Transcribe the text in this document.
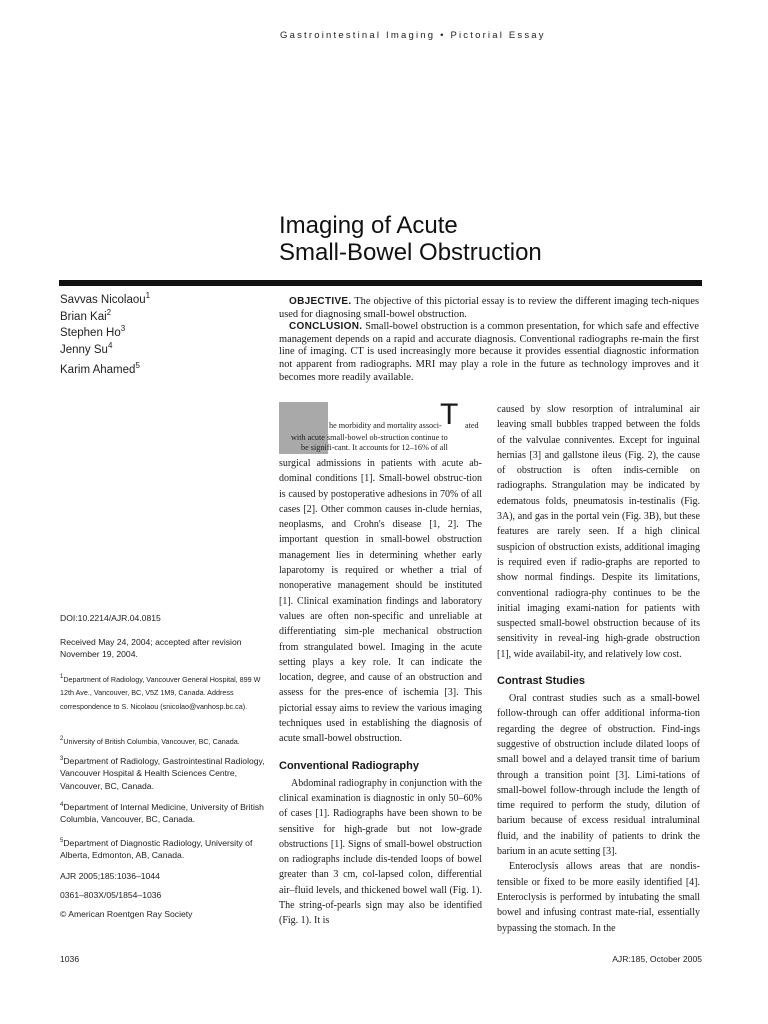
Gastrointestinal Imaging • Pictorial Essay
Imaging of Acute
Small-Bowel Obstruction
Savvas Nicolaou$^1$
Brian Kai$^2$
Stephen Ho$^3$
Jenny Su$^4$
Karim Ahamed$^5$
DOI:10.2214/AJR.04.0815
Received May 24, 2004; accepted after revision November 19, 2004.
$^1$Department of Radiology, Vancouver General Hospital, 899 W 12th Ave., Vancouver, BC, V5Z 1M9, Canada. Address correspondence to S. Nicolaou (snicolao@vanhosp.bc.ca).
$^2$University of British Columbia, Vancouver, BC, Canada.
$^3$Department of Radiology, Gastrointestinal Radiology, Vancouver Hospital & Health Sciences Centre, Vancouver, BC, Canada.
$^4$Department of Internal Medicine, University of British Columbia, Vancouver, BC, Canada.
$^5$Department of Diagnostic Radiology, University of Alberta, Edmonton, AB, Canada.
AJR 2005;185:1036–1044
0361–803X/05/1854–1036
© American Roentgen Ray Society

OBJECTIVE. The objective of this pictorial essay is to review the different imaging tech-niques used for diagnosing small-bowel obstruction.

CONCLUSION. Small-bowel obstruction is a common presentation, for which safe and effective management depends on a rapid and accurate diagnosis. Conventional radiographs re-main the first line of imaging. CT is used increasingly more because it provides essential diagnostic information not apparent from radiographs. MRI may play a role in the future as technology improves and it becomes more readily available.

he morbidity and mortality associ-
T ated
with acute small-bowel ob-struction continue to
be signifi-cant. It accounts for 12–16% of all

surgical admissions in patients with acute ab-dominal conditions [1]. Small-bowel obstruc-tion is caused by postoperative adhesions in 70% of all cases [2]. Other common causes in-clude hernias, neoplasms, and Crohn's disease [1, 2]. The important question in small-bowel obstruction management lies in determining whether early laparotomy is required or whether a trial of nonoperative management should be instituted [1]. Clinical examination findings and laboratory values are often non-specific and unreliable at differentiating sim-ple mechanical obstruction from strangulated bowel. Imaging in the acute setting plays a key role. It can indicate the location, degree, and cause of an obstruction and assess for the pres-ence of ischemia [3]. This pictorial essay aims to review the various imaging techniques used in establishing the diagnosis of acute small-bowel obstruction.

Conventional Radiography

Abdominal radiography in conjunction with the clinical examination is diagnostic in only 50–60% of cases [1]. Radiographs have been shown to be sensitive for high-grade but not low-grade obstructions [1]. Signs of small-bowel obstruction on radiographs include dis-tended loops of bowel greater than 3 cm, col-lapsed colon, differential air–fluid levels, and thickened bowel wall (Fig. 1). The string-of-pearls sign may also be identified (Fig. 1). It is

caused by slow resorption of intraluminal air leaving small bubbles trapped between the folds of the valvulae conniventes. Except for inguinal hernias [3] and gallstone ileus (Fig. 2), the cause of obstruction is often indis-cernible on radiographs. Strangulation may be indicated by edematous folds, pneumatosis in-testinalis (Fig. 3A), and gas in the portal vein (Fig. 3B), but these features are rarely seen. If a high clinical suspicion of obstruction exists, additional imaging is required even if radio-graphs are reported to show normal findings. Despite its limitations, conventional radiogra-phy continues to be the initial imaging exami-nation for patients with suspected small-bowel obstruction because of its sensitivity in reveal-ing high-grade obstruction [1], wide availabil-ity, and relatively low cost.

Contrast Studies

Oral contrast studies such as a small-bowel follow-through can offer additional informa-tion regarding the degree of obstruction. Find-ings suggestive of obstruction include dilated loops of small bowel and a delayed transit time of barium through a transition point [3]. Limi-tations of small-bowel follow-through include the length of time required to perform the study, dilution of barium because of excess residual intraluminal fluid, and the inability of patients to drink the barium in an acute setting [3].

Enteroclysis allows areas that are nondis-tensible or fixed to be more easily identified [4]. Enteroclysis is performed by intubating the small bowel and infusing contrast mate-rial, essentially bypassing the stomach. In the

1036	AJR:185, October 2005
